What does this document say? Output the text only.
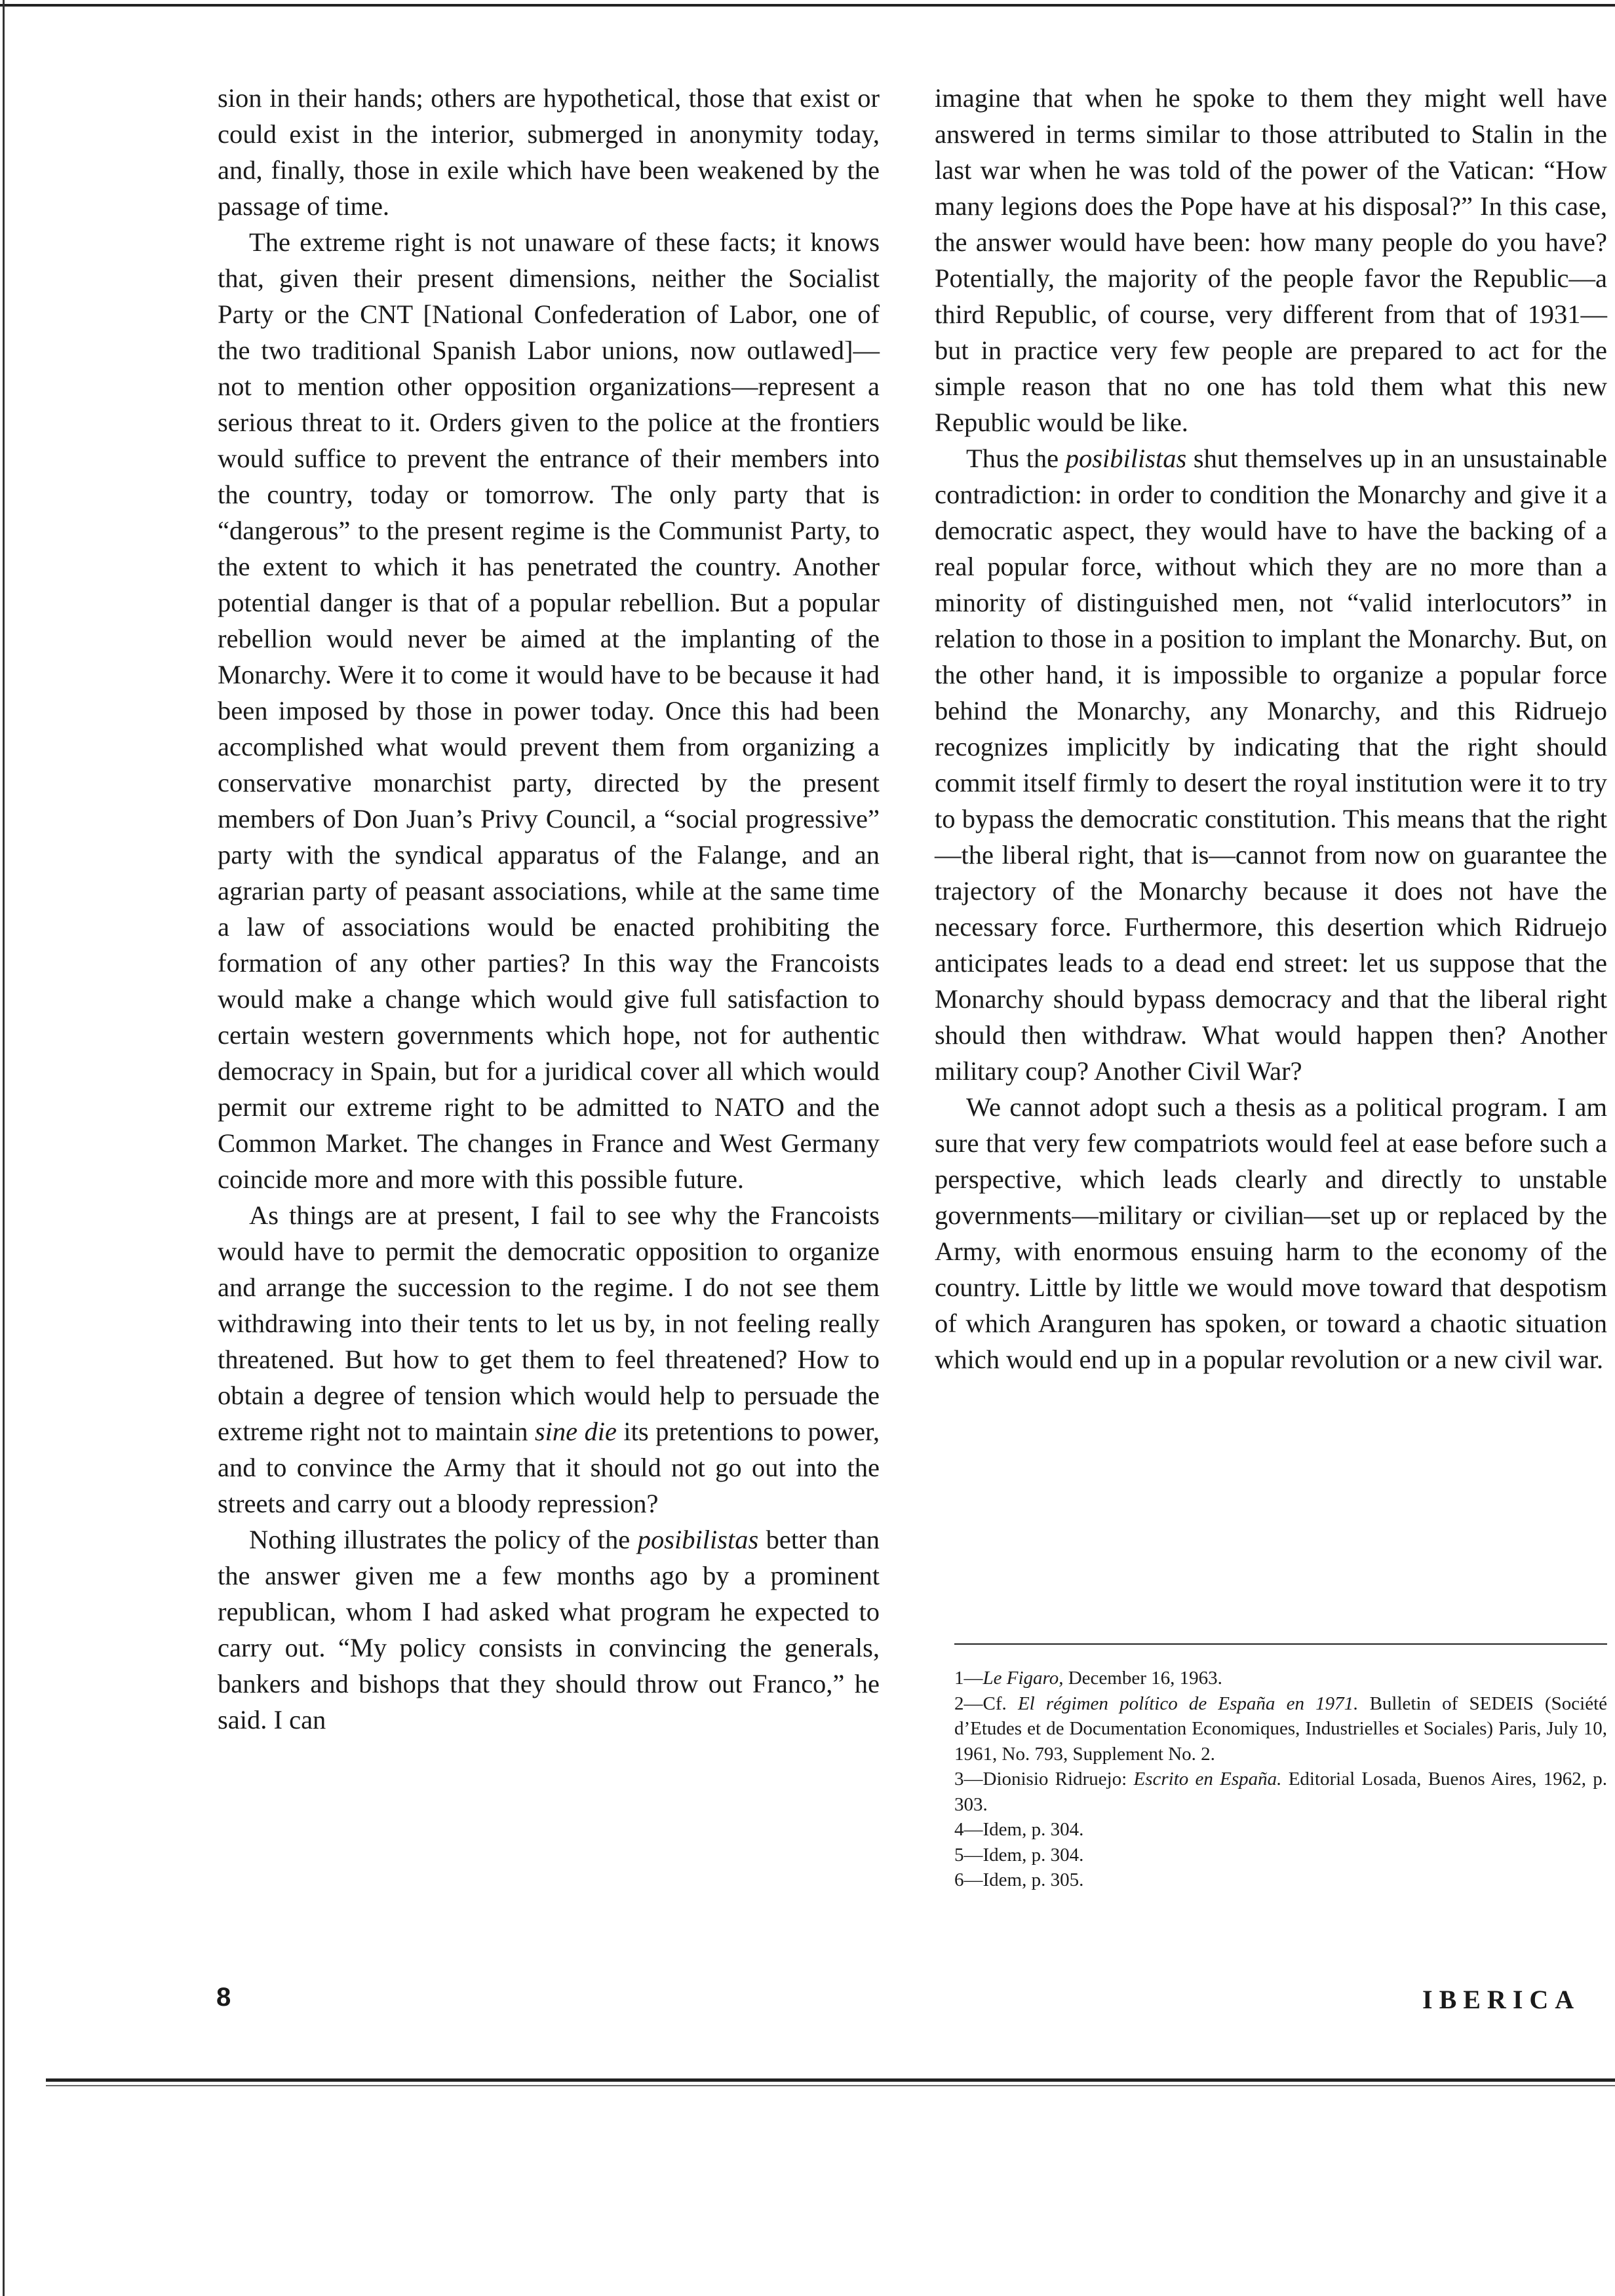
sion in their hands; others are hypothetical, those that exist or could exist in the interior, submerged in anonymity today, and, finally, those in exile which have been weakened by the passage of time.

The extreme right is not unaware of these facts; it knows that, given their present dimensions, neither the Socialist Party or the CNT [National Confederation of Labor, one of the two traditional Spanish Labor unions, now outlawed]—not to mention other opposition organizations—represent a serious threat to it. Orders given to the police at the frontiers would suffice to prevent the entrance of their members into the country, today or tomorrow. The only party that is “dangerous” to the present regime is the Communist Party, to the extent to which it has penetrated the country. Another potential danger is that of a popular rebellion. But a popular rebellion would never be aimed at the implanting of the Monarchy. Were it to come it would have to be because it had been imposed by those in power today. Once this had been accomplished what would prevent them from organizing a conservative monarchist party, directed by the present members of Don Juan’s Privy Council, a “social progressive” party with the syndical apparatus of the Falange, and an agrarian party of peasant associations, while at the same time a law of associations would be enacted prohibiting the formation of any other parties? In this way the Francoists would make a change which would give full satisfaction to certain western governments which hope, not for authentic democracy in Spain, but for a juridical cover all which would permit our extreme right to be admitted to NATO and the Common Market. The changes in France and West Germany coincide more and more with this possible future.

As things are at present, I fail to see why the Francoists would have to permit the democratic opposition to organize and arrange the succession to the regime. I do not see them withdrawing into their tents to let us by, in not feeling really threatened. But how to get them to feel threatened? How to obtain a degree of tension which would help to persuade the extreme right not to maintain sine die its pretentions to power, and to convince the Army that it should not go out into the streets and carry out a bloody repression?

Nothing illustrates the policy of the posibilistas better than the answer given me a few months ago by a prominent republican, whom I had asked what program he expected to carry out. “My policy consists in convincing the generals, bankers and bishops that they should throw out Franco,” he said. I can

imagine that when he spoke to them they might well have answered in terms similar to those attributed to Stalin in the last war when he was told of the power of the Vatican: “How many legions does the Pope have at his disposal?” In this case, the answer would have been: how many people do you have? Potentially, the majority of the people favor the Republic—a third Republic, of course, very different from that of 1931—but in practice very few people are prepared to act for the simple reason that no one has told them what this new Republic would be like.

Thus the posibilistas shut themselves up in an unsustainable contradiction: in order to condition the Monarchy and give it a democratic aspect, they would have to have the backing of a real popular force, without which they are no more than a minority of distinguished men, not “valid interlocutors” in relation to those in a position to implant the Monarchy. But, on the other hand, it is impossible to organize a popular force behind the Monarchy, any Monarchy, and this Ridruejo recognizes implicitly by indicating that the right should commit itself firmly to desert the royal institution were it to try to bypass the democratic constitution. This means that the right—the liberal right, that is—cannot from now on guarantee the trajectory of the Monarchy because it does not have the necessary force. Furthermore, this desertion which Ridruejo anticipates leads to a dead end street: let us suppose that the Monarchy should bypass democracy and that the liberal right should then withdraw. What would happen then? Another military coup? Another Civil War?

We cannot adopt such a thesis as a political program. I am sure that very few compatriots would feel at ease before such a perspective, which leads clearly and directly to unstable governments—military or civilian—set up or replaced by the Army, with enormous ensuing harm to the economy of the country. Little by little we would move toward that despotism of which Aranguren has spoken, or toward a chaotic situation which would end up in a popular revolution or a new civil war.

1—Le Figaro, December 16, 1963.

2—Cf. El régimen político de España en 1971. Bulletin of SEDEIS (Société d’Etudes et de Documentation Economiques, Industrielles et Sociales) Paris, July 10, 1961, No. 793, Supplement No. 2.

3—Dionisio Ridruejo: Escrito en España. Editorial Losada, Buenos Aires, 1962, p. 303.

4—Idem, p. 304.

5—Idem, p. 304.

6—Idem, p. 305.

8	IBERICA
